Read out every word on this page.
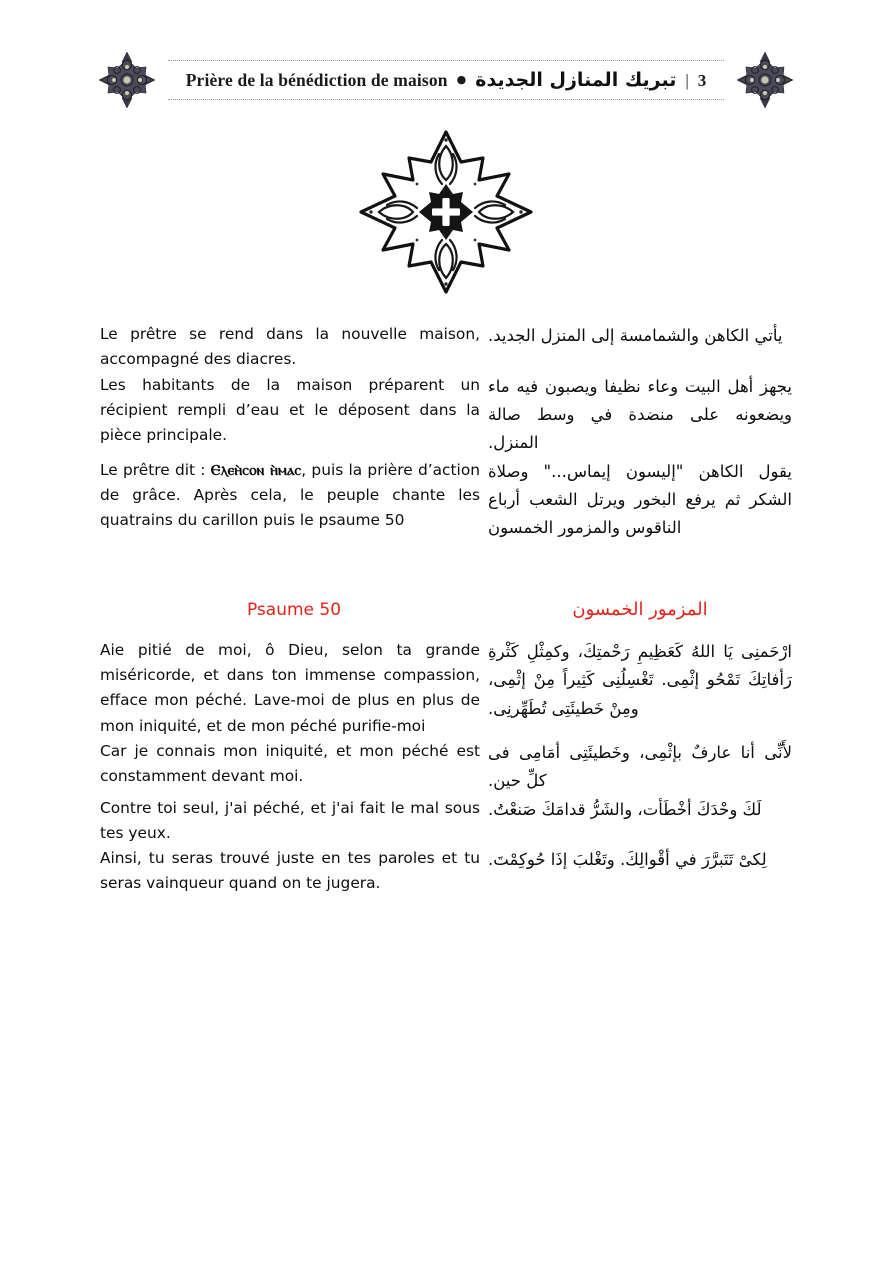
Prière de la bénédiction de maison ● تبريك المنازل الجديدة | 3

Le prêtre se rend dans la nouvelle maison, accompagné des diacres.

يأتي الكاهن والشمامسة إلى المنزل الجديد.

Les habitants de la maison préparent un récipient rempli d’eau et le déposent dans la pièce principale.

يجهز أهل البيت وعاء نظيفا ويصبون فيه ماء ويضعونه على منضدة في وسط صالة المنزل.

Le prêtre dit : Ⲉⲗⲉⲏ̀ⲥⲟⲛ ⲏ̀ⲙⲁⲥ, puis la prière d’action de grâce. Après cela, le peuple chante les quatrains du carillon puis le psaume 50

يقول الكاهن "إليسون إيماس..." وصلاة الشكر ثم يرفع البخور ويرتل الشعب أرباع الناقوس والمزمور الخمسون

Psaume 50	المزمور الخمسون

Aie pitié de moi, ô Dieu, selon ta grande miséricorde, et dans ton immense compassion, efface mon péché. Lave-moi de plus en plus de mon iniquité, et de mon péché purifie-moi

ارْحَمنِى يَا اللهُ كَعَظِيمِ رَحْمتِكَ، وكمِثْلِ كَثْرةِ رَأفاتِكَ تَمْحُو إثْمِى. تَغْسِلُنِى كَثِيراً مِنْ إثْمِى، ومِنْ خَطيئَتِى تُطَهِّرنِى.

Car je connais mon iniquité, et mon péché est constamment devant moi.

لأَنِّى أنا عارفٌ بإثْمِى، وخَطيئَتِى أمَامِى فى كلِّ حين.

Contre toi seul, j'ai péché, et j'ai fait le mal sous tes yeux.

لَكَ وحْدَكَ أخْطَأت، والشَرُّ قدامَكَ صَنعْتُ.

Ainsi, tu seras trouvé juste en tes paroles et tu seras vainqueur quand on te jugera.

لِكىْ تَتَبرَّرَ في أقْوالِكَ. وتَغْلبَ إذَا حُوكِمْتَ.
